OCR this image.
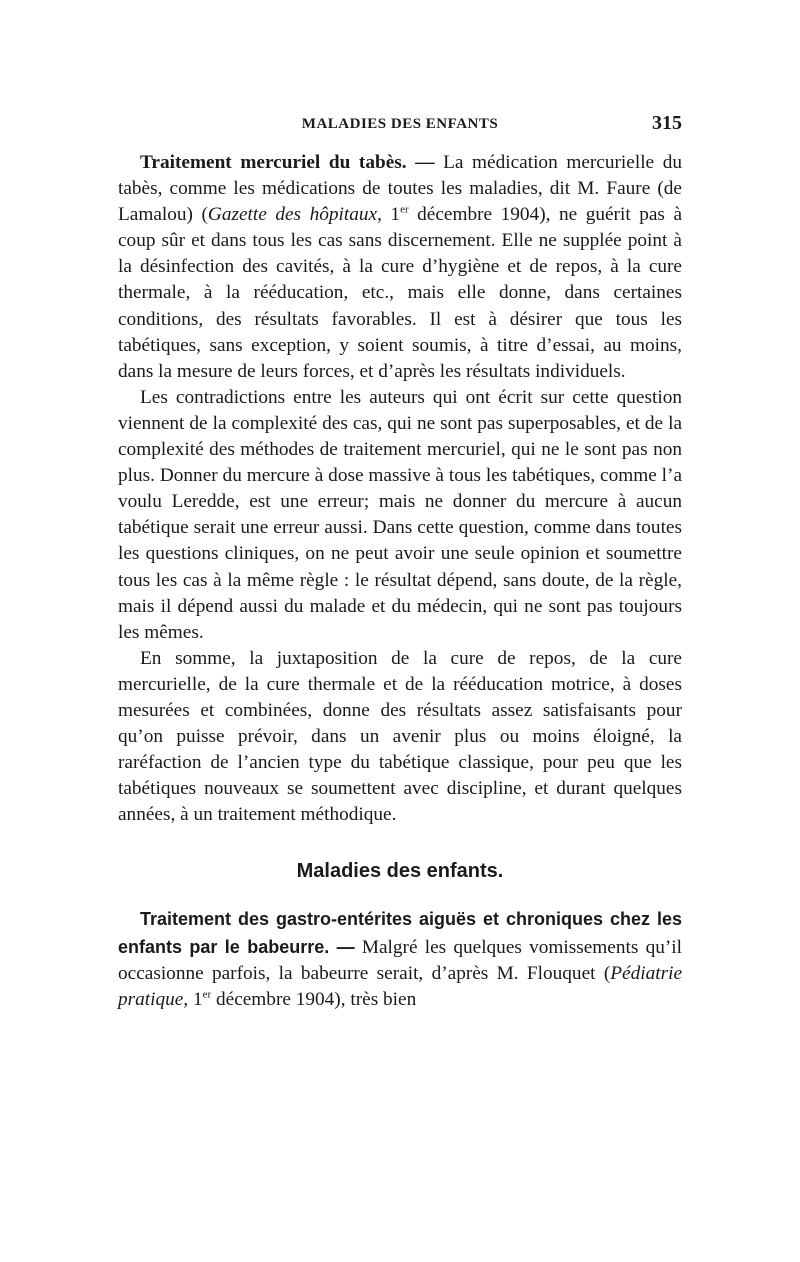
MALADIES DES ENFANTS	315

Traitement mercuriel du tabès. — La médication mercurielle du tabès, comme les médications de toutes les maladies, dit M. Faure (de Lamalou) (Gazette des hôpitaux, 1er décembre 1904), ne guérit pas à coup sûr et dans tous les cas sans discernement. Elle ne supplée point à la désinfection des cavités, à la cure d’hygiène et de repos, à la cure thermale, à la rééducation, etc., mais elle donne, dans certaines conditions, des résultats favorables. Il est à désirer que tous les tabétiques, sans exception, y soient soumis, à titre d’essai, au moins, dans la mesure de leurs forces, et d’après les résultats individuels.

Les contradictions entre les auteurs qui ont écrit sur cette question viennent de la complexité des cas, qui ne sont pas superposables, et de la complexité des méthodes de traitement mercuriel, qui ne le sont pas non plus. Donner du mercure à dose massive à tous les tabétiques, comme l’a voulu Leredde, est une erreur; mais ne donner du mercure à aucun tabétique serait une erreur aussi. Dans cette question, comme dans toutes les questions cliniques, on ne peut avoir une seule opinion et soumettre tous les cas à la même règle : le résultat dépend, sans doute, de la règle, mais il dépend aussi du malade et du médecin, qui ne sont pas toujours les mêmes.

En somme, la juxtaposition de la cure de repos, de la cure mercurielle, de la cure thermale et de la rééducation motrice, à doses mesurées et combinées, donne des résultats assez satisfaisants pour qu’on puisse prévoir, dans un avenir plus ou moins éloigné, la raréfaction de l’ancien type du tabétique classique, pour peu que les tabétiques nouveaux se soumettent avec discipline, et durant quelques années, à un traitement méthodique.

Maladies des enfants.

Traitement des gastro-entérites aiguës et chroniques chez les enfants par le babeurre. — Malgré les quelques vomissements qu’il occasionne parfois, la babeurre serait, d’après M. Flouquet (Pédiatrie pratique, 1er décembre 1904), très bien
